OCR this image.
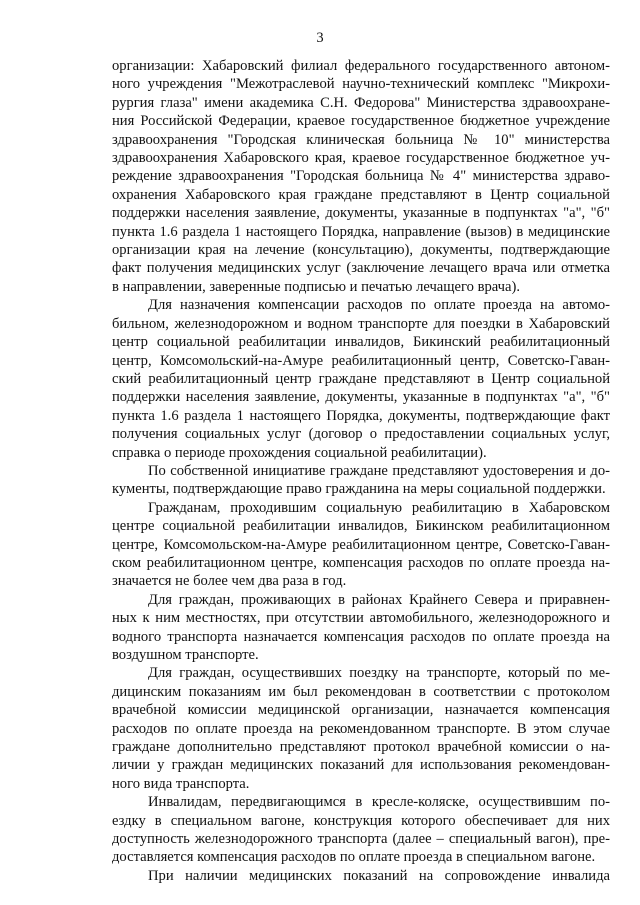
3

организации: Хабаровский филиал федерального государственного автоном-
ного учреждения "Межотраслевой научно-технический комплекс "Микрохи-
рургия глаза" имени академика С.Н. Федорова" Министерства здравоохране-
ния Российской Федерации, краевое государственное бюджетное учреждение
здравоохранения "Городская клиническая больница № 10" министерства
здравоохранения Хабаровского края, краевое государственное бюджетное уч-
реждение здравоохранения "Городская больница № 4" министерства здраво-
охранения Хабаровского края граждане представляют в Центр социальной
поддержки населения заявление, документы, указанные в подпунктах "а", "б"
пункта 1.6 раздела 1 настоящего Порядка, направление (вызов) в медицинские
организации края на лечение (консультацию), документы, подтверждающие
факт получения медицинских услуг (заключение лечащего врача или отметка
в направлении, заверенные подписью и печатью лечащего врача).

Для назначения компенсации расходов по оплате проезда на автомо-
бильном, железнодорожном и водном транспорте для поездки в Хабаровский
центр социальной реабилитации инвалидов, Бикинский реабилитационный
центр, Комсомольский-на-Амуре реабилитационный центр, Советско-Гаван-
ский реабилитационный центр граждане представляют в Центр социальной
поддержки населения заявление, документы, указанные в подпунктах "а", "б"
пункта 1.6 раздела 1 настоящего Порядка, документы, подтверждающие факт
получения социальных услуг (договор о предоставлении социальных услуг,
справка о периоде прохождения социальной реабилитации).

По собственной инициативе граждане представляют удостоверения и до-
кументы, подтверждающие право гражданина на меры социальной поддержки.

Гражданам, проходившим социальную реабилитацию в Хабаровском
центре социальной реабилитации инвалидов, Бикинском реабилитационном
центре, Комсомольском-на-Амуре реабилитационном центре, Советско-Гаван-
ском реабилитационном центре, компенсация расходов по оплате проезда на-
значается не более чем два раза в год.

Для граждан, проживающих в районах Крайнего Севера и приравнен-
ных к ним местностях, при отсутствии автомобильного, железнодорожного и
водного транспорта назначается компенсация расходов по оплате проезда на
воздушном транспорте.

Для граждан, осуществивших поездку на транспорте, который по ме-
дицинским показаниям им был рекомендован в соответствии с протоколом
врачебной комиссии медицинской организации, назначается компенсация
расходов по оплате проезда на рекомендованном транспорте. В этом случае
граждане дополнительно представляют протокол врачебной комиссии о на-
личии у граждан медицинских показаний для использования рекомендован-
ного вида транспорта.

Инвалидам, передвигающимся в кресле-коляске, осуществившим по-
ездку в специальном вагоне, конструкция которого обеспечивает для них
доступность железнодорожного транспорта (далее – специальный вагон), пре-
доставляется компенсация расходов по оплате проезда в специальном вагоне.

При наличии медицинских показаний на сопровождение инвалида
